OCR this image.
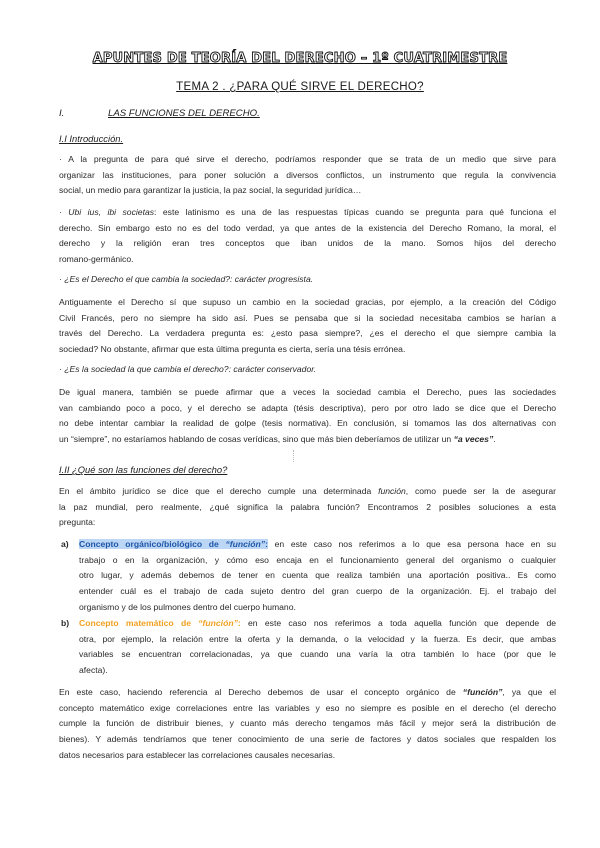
APUNTES DE TEORÍA DEL DERECHO – 1º CUATRIMESTRE
TEMA 2 . ¿PARA QUÉ SIRVE EL DERECHO?
I.	LAS FUNCIONES DEL DERECHO.
I.I Introducción.
· A la pregunta de para qué sirve el derecho, podríamos responder que se trata de un medio que sirve para
organizar las instituciones, para poner solución a diversos conflictos, un instrumento que regula la convivencia
social, un medio para garantizar la justicia, la paz social, la seguridad jurídica…
· Ubi ius, ibi societas: este latinismo es una de las respuestas típicas cuando se pregunta para qué funciona el
derecho. Sin embargo esto no es del todo verdad, ya que antes de la existencia del Derecho Romano, la moral, el
derecho y la religión eran tres conceptos que iban unidos de la mano. Somos hijos del derecho
romano-germánico.
· ¿Es el Derecho el que cambia la sociedad?: carácter progresista.
Antiguamente el Derecho sí que supuso un cambio en la sociedad gracias, por ejemplo, a la creación del Código
Civil Francés, pero no siempre ha sido así. Pues se pensaba que si la sociedad necesitaba cambios se harían a
través del Derecho. La verdadera pregunta es: ¿esto pasa siempre?, ¿es el derecho el que siempre cambia la
sociedad? No obstante, afirmar que esta última pregunta es cierta, sería una tésis errónea.
· ¿Es la sociedad la que cambia el derecho?: carácter conservador.
De igual manera, también se puede afirmar que a veces la sociedad cambia el Derecho, pues las sociedades
van cambiando poco a poco, y el derecho se adapta (tésis descriptiva), pero por otro lado se dice que el Derecho
no debe intentar cambiar la realidad de golpe (tesis normativa). En conclusión, si tomamos las dos alternativas con
un “siempre”, no estaríamos hablando de cosas verídicas, sino que más bien deberíamos de utilizar un “a veces”.
I.II ¿Qué son las funciones del derecho?
En el ámbito jurídico se dice que el derecho cumple una determinada función, como puede ser la de asegurar
la paz mundial, pero realmente, ¿qué significa la palabra función? Encontramos 2 posibles soluciones a esta
pregunta:
a) Concepto orgánico/biológico de “función”: en este caso nos referimos a lo que esa persona hace en su
trabajo o en la organización, y cómo eso encaja en el funcionamiento general del organismo o cualquier
otro lugar, y además debemos de tener en cuenta que realiza también una aportación positiva.. Es como
entender cuál es el trabajo de cada sujeto dentro del gran cuerpo de la organización. Ej. el trabajo del
organismo y de los pulmones dentro del cuerpo humano.
b) Concepto matemático de “función”: en este caso nos referimos a toda aquella función que depende de
otra, por ejemplo, la relación entre la oferta y la demanda, o la velocidad y la fuerza. Es decir, que ambas
variables se encuentran correlacionadas, ya que cuando una varía la otra también lo hace (por que le
afecta).
En este caso, haciendo referencia al Derecho debemos de usar el concepto orgánico de “función”, ya que el
concepto matemático exige correlaciones entre las variables y eso no siempre es posible en el derecho (el derecho
cumple la función de distribuir bienes, y cuanto más derecho tengamos más fácil y mejor será la distribución de
bienes). Y además tendríamos que tener conocimiento de una serie de factores y datos sociales que respalden los
datos necesarios para establecer las correlaciones causales necesarias.
